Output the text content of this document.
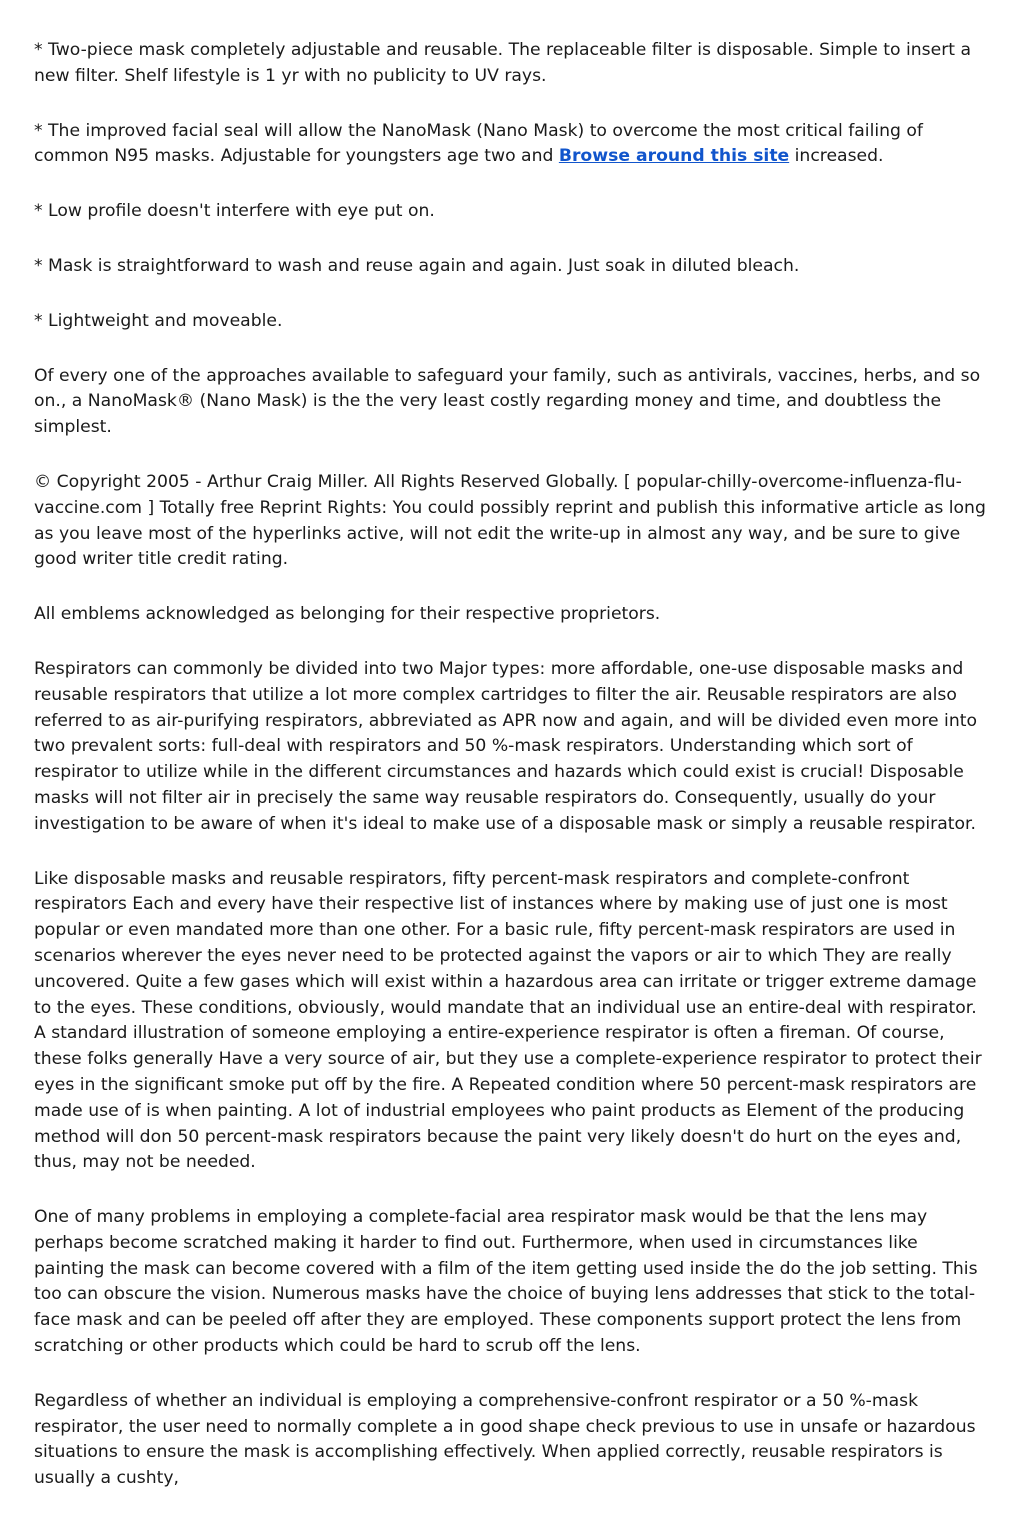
* Two-piece mask completely adjustable and reusable. The replaceable filter is disposable. Simple to insert a new filter. Shelf lifestyle is 1 yr with no publicity to UV rays.

* The improved facial seal will allow the NanoMask (Nano Mask) to overcome the most critical failing of common N95 masks. Adjustable for youngsters age two and Browse around this site increased.

* Low profile doesn't interfere with eye put on.

* Mask is straightforward to wash and reuse again and again. Just soak in diluted bleach.

* Lightweight and moveable.

Of every one of the approaches available to safeguard your family, such as antivirals, vaccines, herbs, and so on., a NanoMask® (Nano Mask) is the the very least costly regarding money and time, and doubtless the simplest.

© Copyright 2005 - Arthur Craig Miller. All Rights Reserved Globally. [ popular-chilly-overcome-influenza-flu-vaccine.com ] Totally free Reprint Rights: You could possibly reprint and publish this informative article as long as you leave most of the hyperlinks active, will not edit the write-up in almost any way, and be sure to give good writer title credit rating.

All emblems acknowledged as belonging for their respective proprietors.

Respirators can commonly be divided into two Major types: more affordable, one-use disposable masks and reusable respirators that utilize a lot more complex cartridges to filter the air. Reusable respirators are also referred to as air-purifying respirators, abbreviated as APR now and again, and will be divided even more into two prevalent sorts: full-deal with respirators and 50 %-mask respirators. Understanding which sort of respirator to utilize while in the different circumstances and hazards which could exist is crucial! Disposable masks will not filter air in precisely the same way reusable respirators do. Consequently, usually do your investigation to be aware of when it's ideal to make use of a disposable mask or simply a reusable respirator.

Like disposable masks and reusable respirators, fifty percent-mask respirators and complete-confront respirators Each and every have their respective list of instances where by making use of just one is most popular or even mandated more than one other. For a basic rule, fifty percent-mask respirators are used in scenarios wherever the eyes never need to be protected against the vapors or air to which They are really uncovered. Quite a few gases which will exist within a hazardous area can irritate or trigger extreme damage to the eyes. These conditions, obviously, would mandate that an individual use an entire-deal with respirator. A standard illustration of someone employing a entire-experience respirator is often a fireman. Of course, these folks generally Have a very source of air, but they use a complete-experience respirator to protect their eyes in the significant smoke put off by the fire. A Repeated condition where 50 percent-mask respirators are made use of is when painting. A lot of industrial employees who paint products as Element of the producing method will don 50 percent-mask respirators because the paint very likely doesn't do hurt on the eyes and, thus, may not be needed.

One of many problems in employing a complete-facial area respirator mask would be that the lens may perhaps become scratched making it harder to find out. Furthermore, when used in circumstances like painting the mask can become covered with a film of the item getting used inside the do the job setting. This too can obscure the vision. Numerous masks have the choice of buying lens addresses that stick to the total-face mask and can be peeled off after they are employed. These components support protect the lens from scratching or other products which could be hard to scrub off the lens.

Regardless of whether an individual is employing a comprehensive-confront respirator or a 50 %-mask respirator, the user need to normally complete a in good shape check previous to use in unsafe or hazardous situations to ensure the mask is accomplishing effectively. When applied correctly, reusable respirators is usually a cushty,
